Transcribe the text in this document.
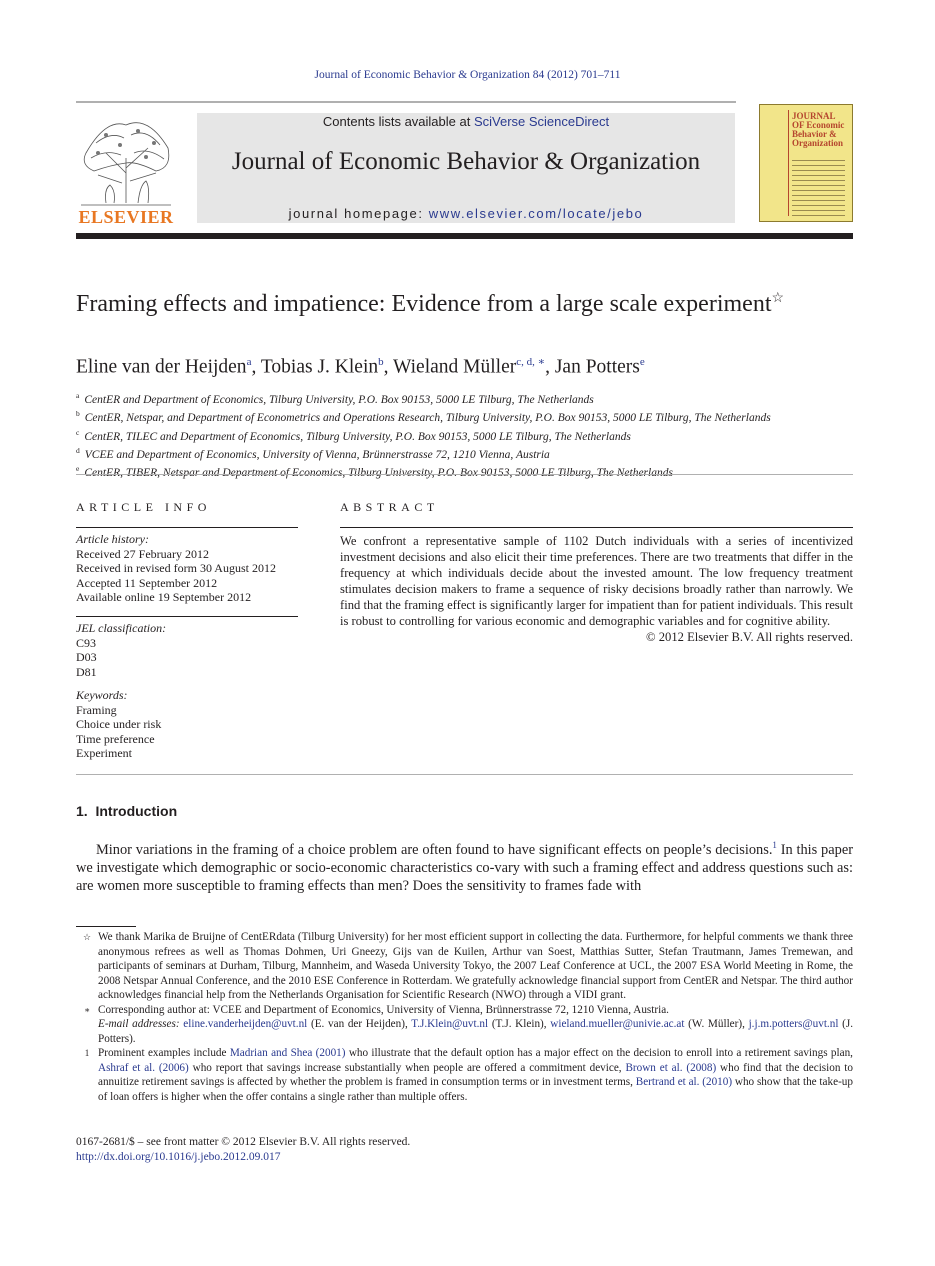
Journal of Economic Behavior & Organization 84 (2012) 701–711
ELSEVIER
Contents lists available at SciVerse ScienceDirect
Journal of Economic Behavior & Organization
journal homepage: www.elsevier.com/locate/jebo
JOURNAL OF Economic Behavior & Organization
Framing effects and impatience: Evidence from a large scale experiment☆
Eline van der Heijden$^a$, Tobias J. Klein$^b$, Wieland Müller$^{c, d, ∗}$, Jan Potters$^e$
$^a$ CentER and Department of Economics, Tilburg University, P.O. Box 90153, 5000 LE Tilburg, The Netherlands
$^b$ CentER, Netspar, and Department of Econometrics and Operations Research, Tilburg University, P.O. Box 90153, 5000 LE Tilburg, The Netherlands
$^c$ CentER, TILEC and Department of Economics, Tilburg University, P.O. Box 90153, 5000 LE Tilburg, The Netherlands
$^d$ VCEE and Department of Economics, University of Vienna, Brünnerstrasse 72, 1210 Vienna, Austria
$^e$
ARTICLE INFO
Article history:
Received 27 February 2012
Received in revised form 30 August 2012
Accepted 11 September 2012
Available online 19 September 2012
JEL classification:
C93
D03
D81
Keywords:
Framing
Choice under risk
Time preference
Experiment
ABSTRACT
We confront a representative sample of 1102 Dutch individuals with a series of incentivized investment decisions and also elicit their time preferences. There are two treatments that differ in the frequency at which individuals decide about the invested amount. The low frequency treatment stimulates decision makers to frame a sequence of risky decisions broadly rather than narrowly. We find that the framing effect is significantly larger for impatient than for patient individuals. This result is robust to controlling for various economic and demographic variables and for cognitive ability.
© 2012 Elsevier B.V. All rights reserved.
1. Introduction
Minor variations in the framing of a choice problem are often found to have significant effects on people’s decisions.$^1$ In this paper we investigate which demographic or socio-economic characteristics co-vary with such a framing effect and address questions such as: are women more susceptible to framing effects than men? Does the sensitivity to frames fade with

☆ We thank Marika de Bruijne of CentERdata (Tilburg University) for her most efficient support in collecting the data. Furthermore, for helpful comments we thank three anonymous refrees as well as Thomas Dohmen, Uri Gneezy, Gijs van de Kuilen, Arthur van Soest, Matthias Sutter, Stefan Trautmann, James Tremewan, and participants of seminars at Durham, Tilburg, Mannheim, and Waseda University Tokyo, the 2007 Leaf Conference at UCL, the 2007 ESA World Meeting in Rome, the 2008 Netspar Annual Conference, and the 2010 ESE Conference in Rotterdam. We gratefully acknowledge financial support from CentER and Netspar. The third author acknowledges financial help from the Netherlands Organisation for Scientific Research (NWO) through a VIDI grant.

∗ Corresponding author at: VCEE and Department of Economics, University of Vienna, Brünnerstrasse 72, 1210 Vienna, Austria.
E-mail addresses: eline.vanderheijden@uvt.nl (E. van der Heijden), T.J.Klein@uvt.nl (T.J. Klein), wieland.mueller@univie.ac.at (W. Müller), j.j.m.potters@uvt.nl (J. Potters).

1 Prominent examples include Madrian and Shea (2001) who illustrate that the default option has a major effect on the decision to enroll into a retirement savings plan, Ashraf et al. (2006) who report that savings increase substantially when people are offered a commitment device, Brown et al. (2008) who find that the decision to annuitize retirement savings is affected by whether the problem is framed in consumption terms or in investment terms, Bertrand et al. (2010) who show that the take-up of loan offers is higher when the offer contains a single rather than multiple offers.

0167-2681/$ – see front matter © 2012 Elsevier B.V. All rights reserved.
http://dx.doi.org/10.1016/j.jebo.2012.09.017
